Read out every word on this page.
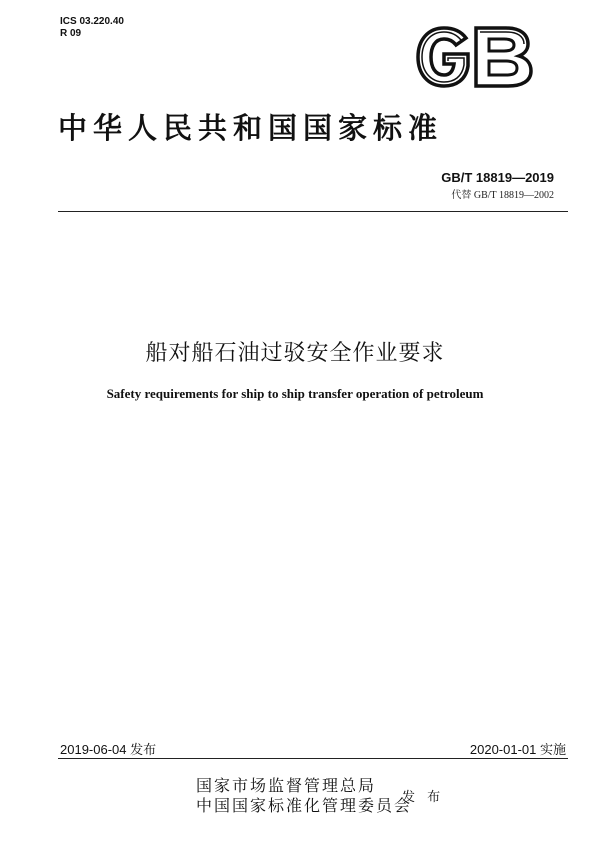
ICS 03.220.40
R 09
中华人民共和国国家标准
GB/T 18819—2019
代替 GB/T 18819—2002
船对船石油过驳安全作业要求
Safety requirements for ship to ship transfer operation of petroleum
2019-06-04 发布	2020-01-01 实施
国家市场监督管理总局
中国国家标准化管理委员会
发 布
